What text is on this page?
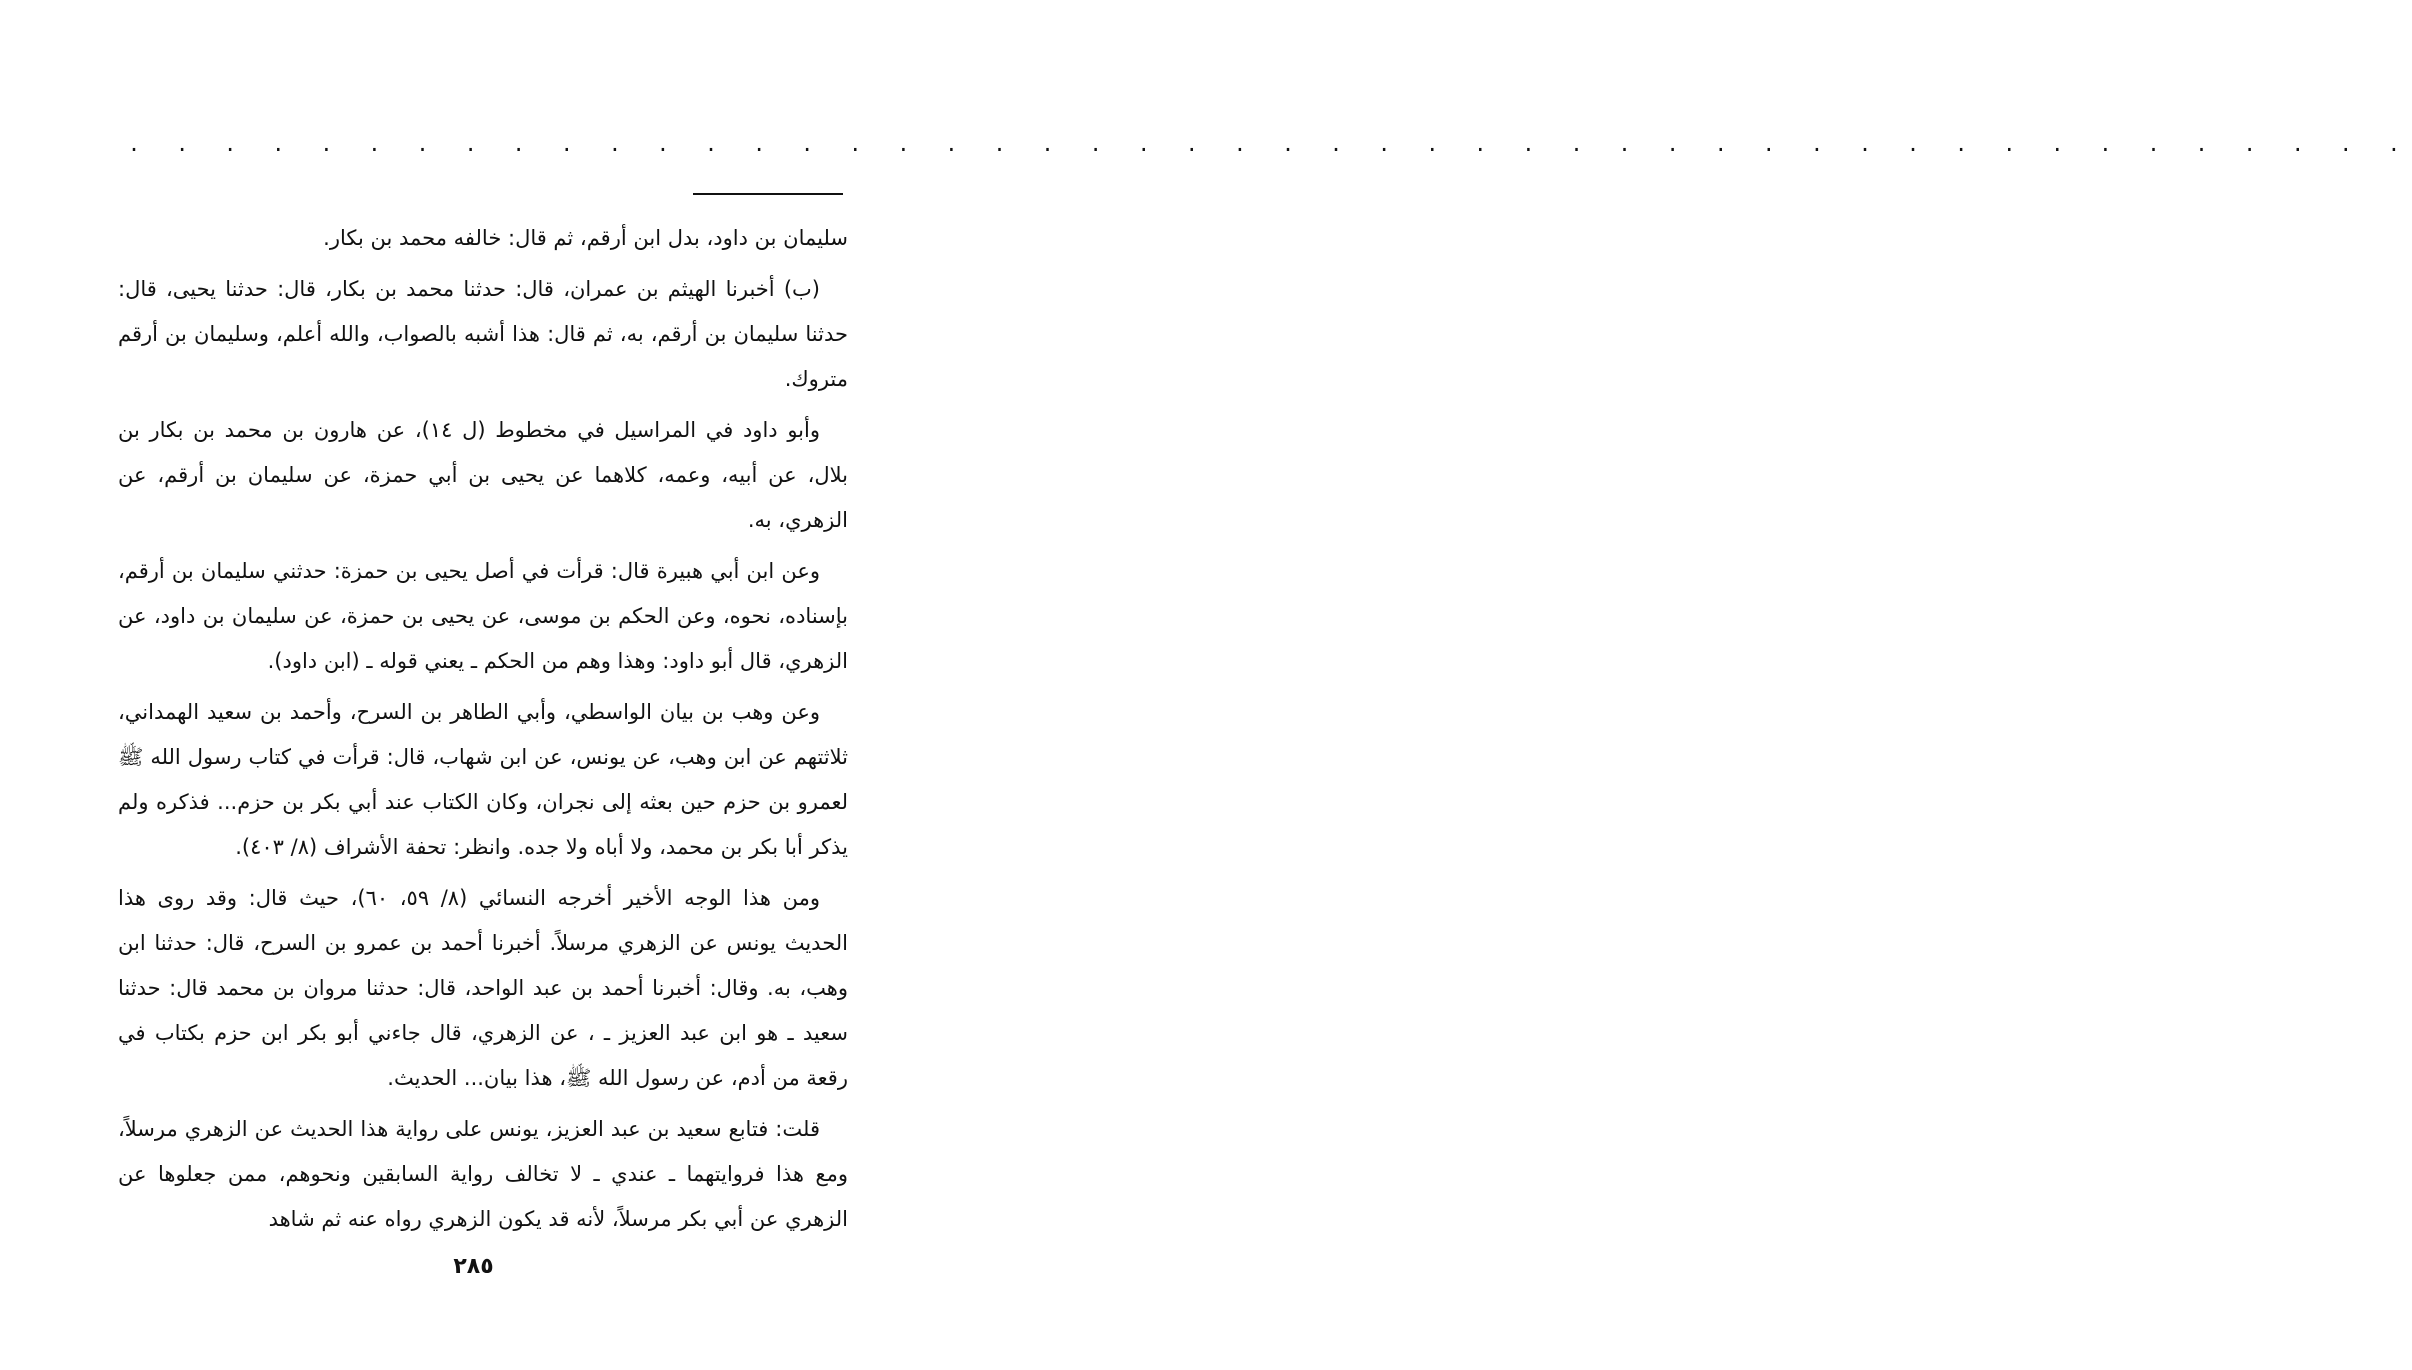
. . . . . . . . . . . . . . . . . . . . . . . . . . . . . . . . . . . . . . . . . . . . . . . .

سليمان بن داود، بدل ابن أرقم، ثم قال: خالفه محمد بن بكار.

(ب) أخبرنا الهيثم بن عمران، قال: حدثنا محمد بن بكار، قال: حدثنا يحيى، قال: حدثنا سليمان بن أرقم، به، ثم قال: هذا أشبه بالصواب، والله أعلم، وسليمان بن أرقم متروك.

وأبو داود في المراسيل في مخطوط (ل ١٤)، عن هارون بن محمد بن بكار بن بلال، عن أبيه، وعمه، كلاهما عن يحيى بن أبي حمزة، عن سليمان بن أرقم، عن الزهري، به.

وعن ابن أبي هبيرة قال: قرأت في أصل يحيى بن حمزة: حدثني سليمان بن أرقم، بإسناده، نحوه، وعن الحكم بن موسى، عن يحيى بن حمزة، عن سليمان بن داود، عن الزهري، قال أبو داود: وهذا وهم من الحكم ـ يعني قوله ـ (ابن داود).

وعن وهب بن بيان الواسطي، وأبي الطاهر بن السرح، وأحمد بن سعيد الهمداني، ثلاثتهم عن ابن وهب، عن يونس، عن ابن شهاب، قال: قرأت في كتاب رسول الله ﷺ لعمرو بن حزم حين بعثه إلى نجران، وكان الكتاب عند أبي بكر بن حزم... فذكره ولم يذكر أبا بكر بن محمد، ولا أباه ولا جده. وانظر: تحفة الأشراف (٨/ ٤٠٣).

ومن هذا الوجه الأخير أخرجه النسائي (٨/ ٥٩، ٦٠)، حيث قال: وقد روى هذا الحديث يونس عن الزهري مرسلاً. أخبرنا أحمد بن عمرو بن السرح، قال: حدثنا ابن وهب، به. وقال: أخبرنا أحمد بن عبد الواحد، قال: حدثنا مروان بن محمد قال: حدثنا سعيد ـ هو ابن عبد العزيز ـ ، عن الزهري، قال جاءني أبو بكر ابن حزم بكتاب في رقعة من أدم، عن رسول الله ﷺ، هذا بيان... الحديث.

قلت: فتابع سعيد بن عبد العزيز، يونس على رواية هذا الحديث عن الزهري مرسلاً، ومع هذا فروايتهما ـ عندي ـ لا تخالف رواية السابقين ونحوهم، ممن جعلوها عن الزهري عن أبي بكر مرسلاً، لأنه قد يكون الزهري رواه عنه ثم شاهد

٢٨٥
